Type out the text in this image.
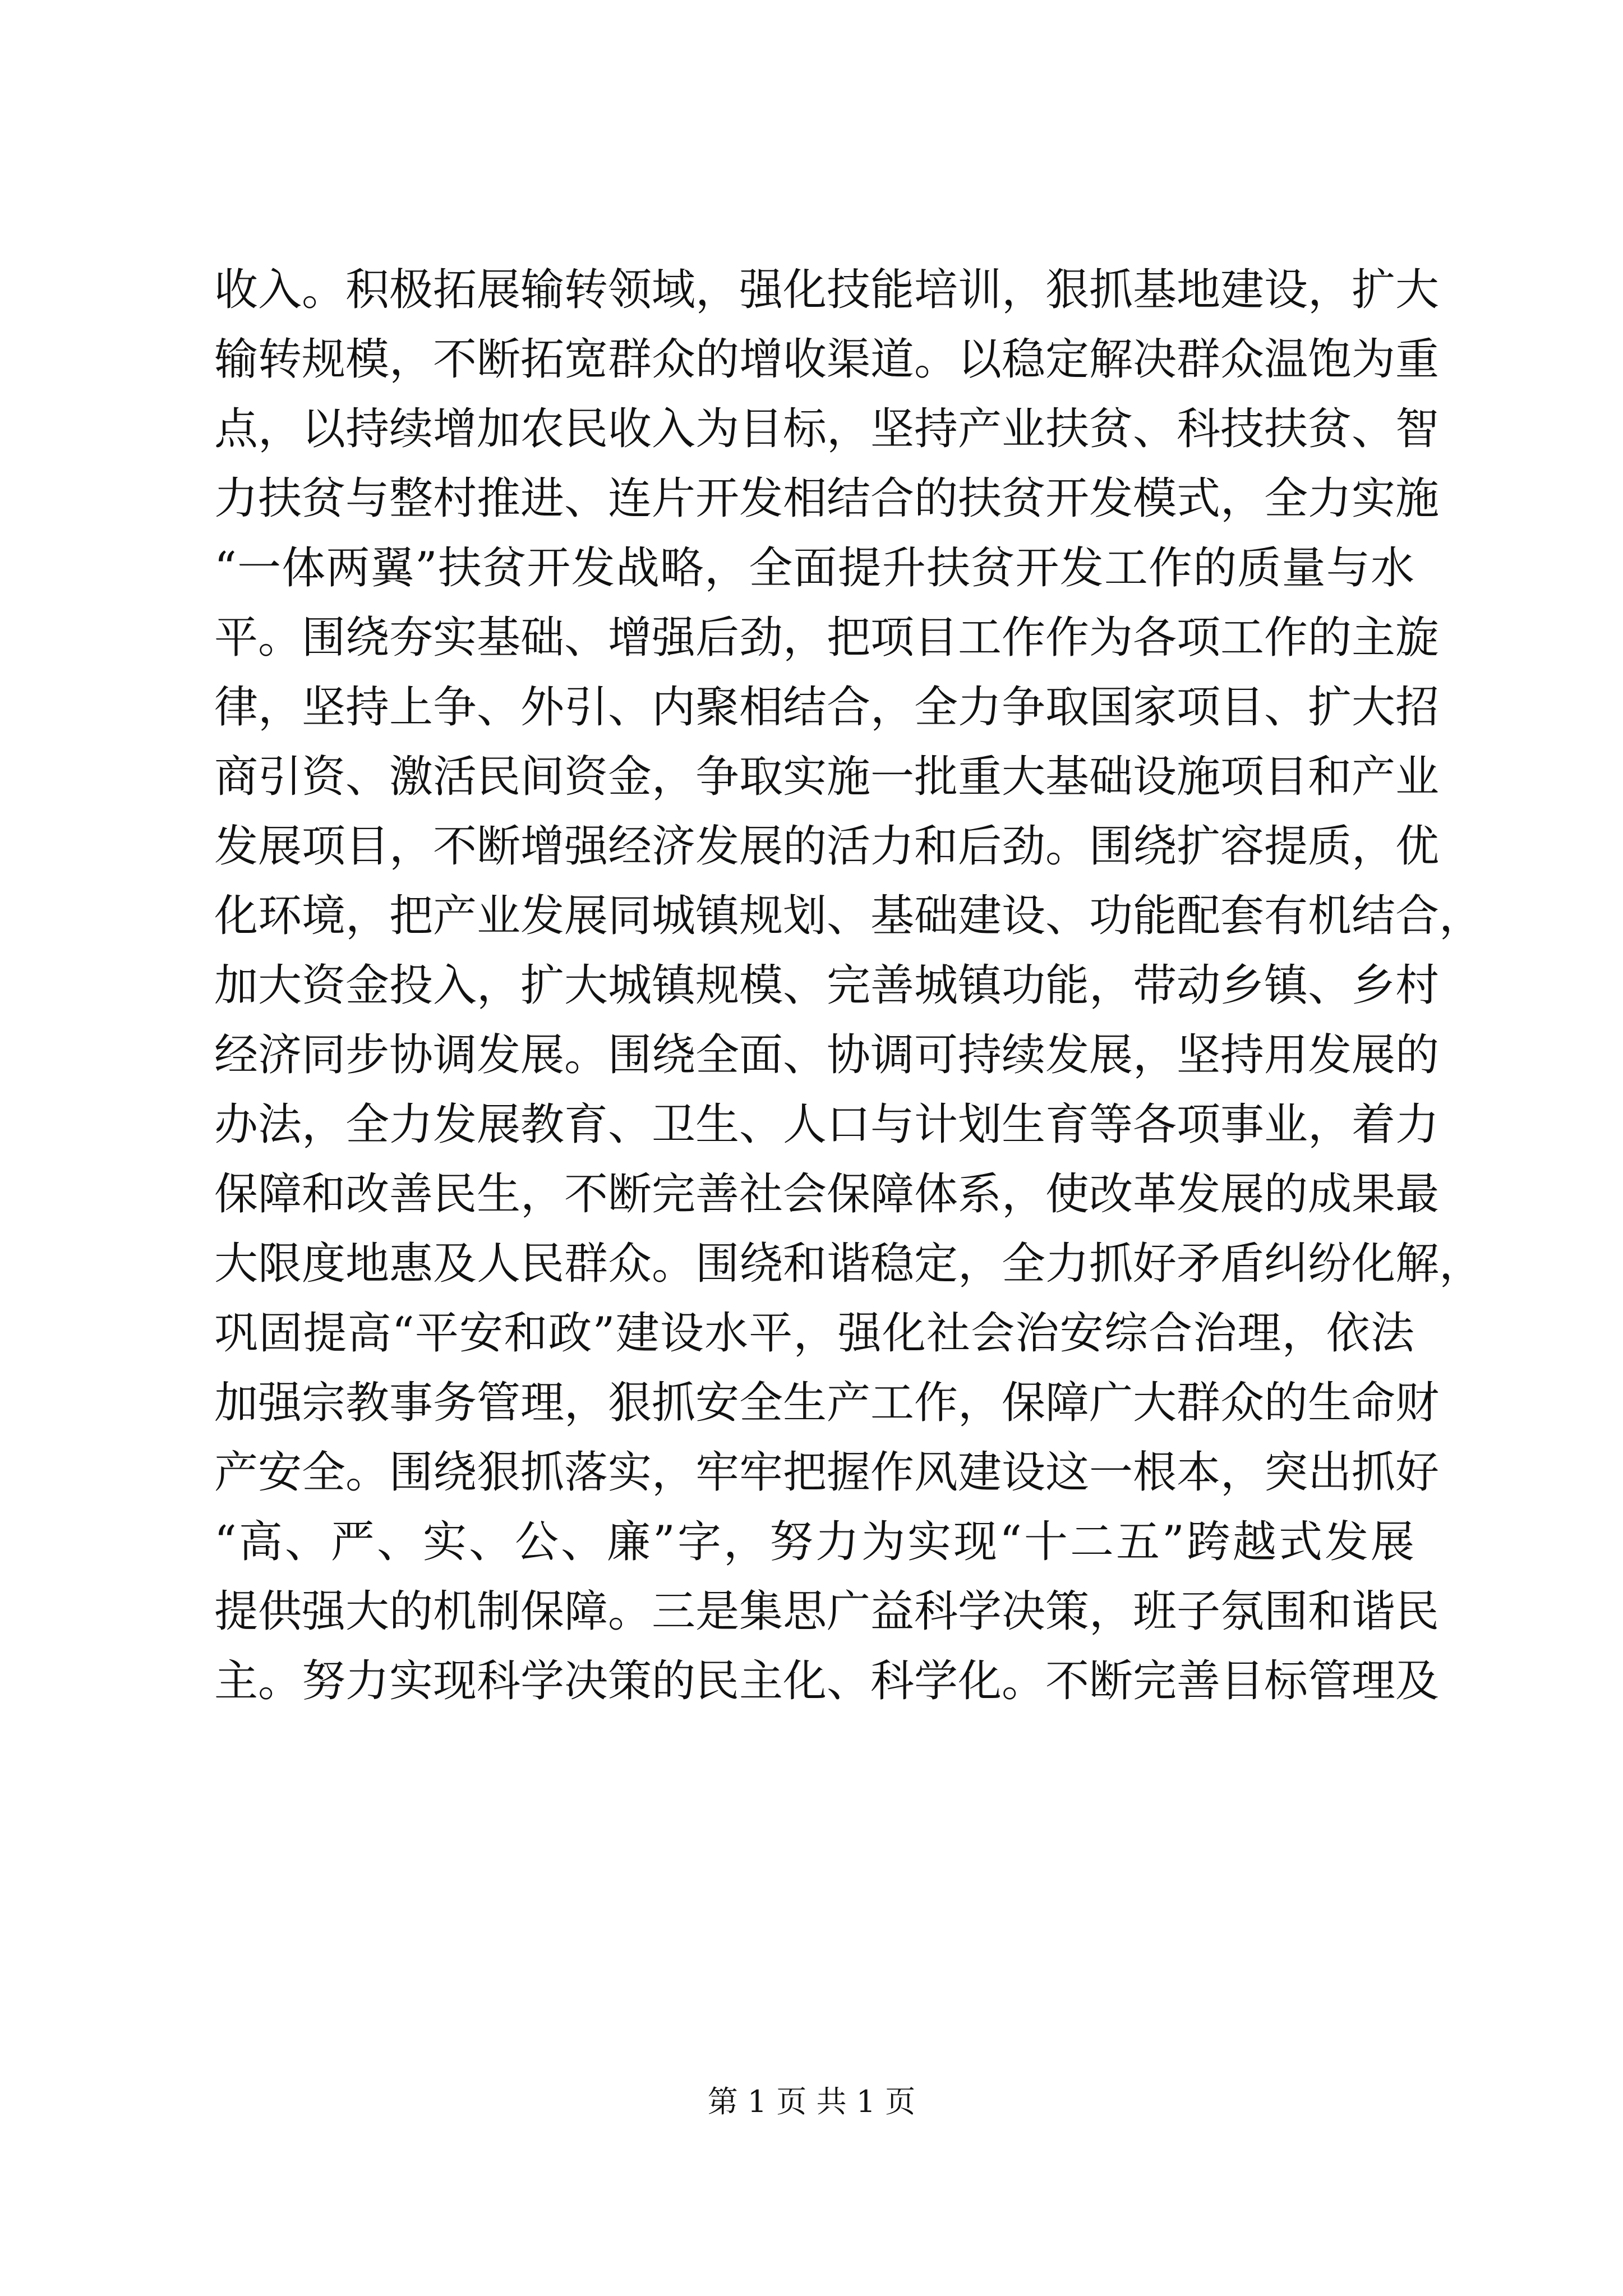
收入。积极拓展输转领域，强化技能培训，狠抓基地建设，扩大
输转规模，不断拓宽群众的增收渠道。以稳定解决群众温饱为重
点，以持续增加农民收入为目标，坚持产业扶贫、科技扶贫、智
力扶贫与整村推进、连片开发相结合的扶贫开发模式，全力实施
“一体两翼”扶贫开发战略，全面提升扶贫开发工作的质量与水
平。围绕夯实基础、增强后劲，把项目工作作为各项工作的主旋
律，坚持上争、外引、内聚相结合，全力争取国家项目、扩大招
商引资、激活民间资金，争取实施一批重大基础设施项目和产业
发展项目，不断增强经济发展的活力和后劲。围绕扩容提质，优
化环境，把产业发展同城镇规划、基础建设、功能配套有机结合，
加大资金投入，扩大城镇规模、完善城镇功能，带动乡镇、乡村
经济同步协调发展。围绕全面、协调可持续发展，坚持用发展的
办法，全力发展教育、卫生、人口与计划生育等各项事业，着力
保障和改善民生，不断完善社会保障体系，使改革发展的成果最
大限度地惠及人民群众。围绕和谐稳定，全力抓好矛盾纠纷化解，
巩固提高“平安和政”建设水平，强化社会治安综合治理，依法
加强宗教事务管理，狠抓安全生产工作，保障广大群众的生命财
产安全。围绕狠抓落实，牢牢把握作风建设这一根本，突出抓好
“高、严、实、公、廉”字，努力为实现“十二五”跨越式发展
提供强大的机制保障。三是集思广益科学决策，班子氛围和谐民
主。努力实现科学决策的民主化、科学化。不断完善目标管理及
第 1 页 共 1 页
